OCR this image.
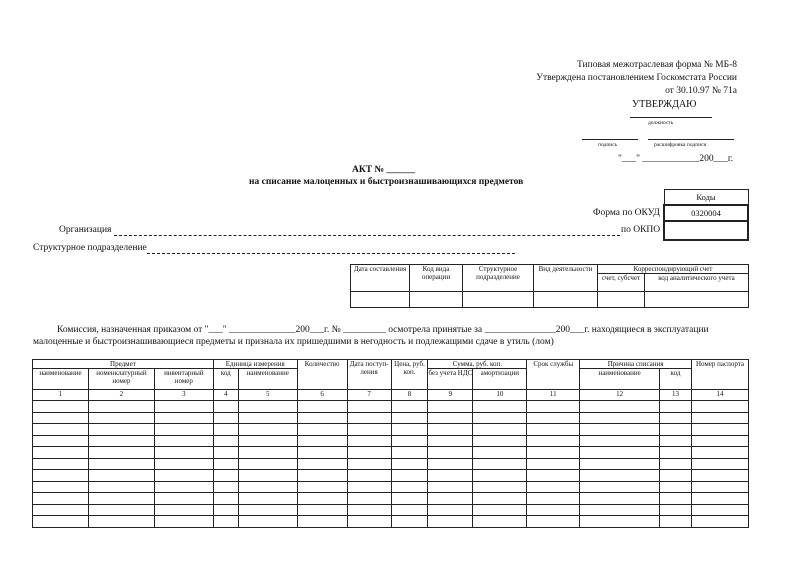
Типовая межотраслевая форма № МБ-8
Утверждена постановлением Госкомстата России
от 30.10.97 № 71а
УТВЕРЖДАЮ
должность
подпись	расшифровка подписи
"___" ____________200___г.
АКТ № ______
на списание малоценных и быстроизнашивающихся предметов
Коды
0320004

Форма по ОКУД
по ОКПО
Организация
Структурное подразделение
Дата составления	Код вида операции	Структурное подразделение	Вид деятельности	Корреспондирующий счет	
				счет, субсчет	код аналитического учета

Комиссия, назначенная приказом от "___" ______________200___г. № _________ осмотрела принятые за _______________200___г. находящиеся в эксплуатации
малоценные и быстроизнашивающиеся предметы и признала их пришедшими в негодность и подлежащими сдаче в утиль (лом)
Предмет			Единица измерения		Количество	Дата поступ- ления	Цена, руб. коп.	Сумма, руб. коп.		Срок службы	Причина списания		Номер паспорта
наименование	номенклатурный номер	инвентарный номер	код	наименование				без учета НДС	амортизации		наименование	код	
1	2	3	4	5	6	7	8	9	10	11	12	13	14
